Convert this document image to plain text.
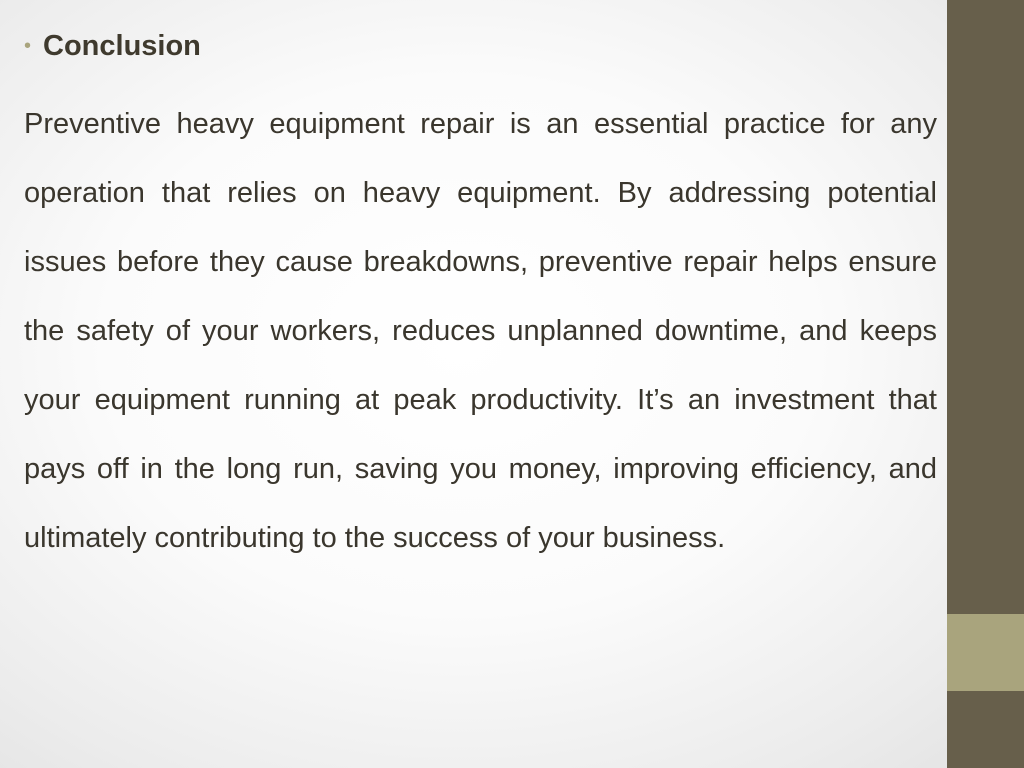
• Conclusion

Preventive heavy equipment repair is an essential practice for any operation that relies on heavy equipment. By addressing potential issues before they cause breakdowns, preventive repair helps ensure the safety of your workers, reduces unplanned downtime, and keeps your equipment running at peak productivity. It’s an investment that pays off in the long run, saving you money, improving efficiency, and ultimately contributing to the success of your business.
